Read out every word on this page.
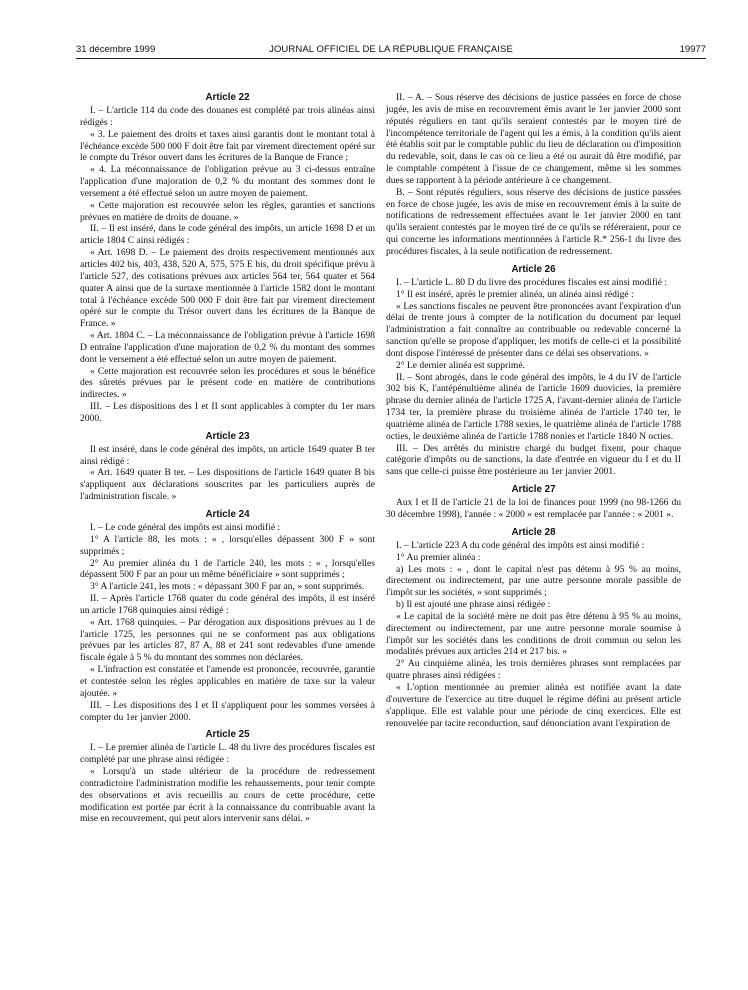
31 décembre 1999	JOURNAL OFFICIEL DE LA RÉPUBLIQUE FRANÇAISE	19977
Article 22

I. – L'article 114 du code des douanes est complété par trois alinéas ainsi rédigés :

« 3. Le paiement des droits et taxes ainsi garantis dont le montant total à l'échéance excède 500 000 F doit être fait par virement directement opéré sur le compte du Trésor ouvert dans les écritures de la Banque de France ;

« 4. La méconnaissance de l'obligation prévue au 3 ci-dessus entraîne l'application d'une majoration de 0,2 % du montant des sommes dont le versement a été effectué selon un autre moyen de paiement.

« Cette majoration est recouvrée selon les règles, garanties et sanctions prévues en matière de droits de douane. »

II. – Il est inséré, dans le code général des impôts, un article 1698 D et un article 1804 C ainsi rédigés :

« Art. 1698 D. – Le paiement des droits respectivement mentionnés aux articles 402 bis, 403, 438, 520 A, 575, 575 E bis, du droit spécifique prévu à l'article 527, des cotisations prévues aux articles 564 ter, 564 quater et 564 quater A ainsi que de la surtaxe mentionnée à l'article 1582 dont le montant total à l'échéance excède 500 000 F doit être fait par virement directement opéré sur le compte du Trésor ouvert dans les écritures de la Banque de France. »

« Art. 1804 C. – La méconnaissance de l'obligation prévue à l'article 1698 D entraîne l'application d'une majoration de 0,2 % du montant des sommes dont le versement a été effectué selon un autre moyen de paiement.

« Cette majoration est recouvrée selon les procédures et sous le bénéfice des sûretés prévues par le présent code en matière de contributions indirectes. »

III. – Les dispositions des I et II sont applicables à compter du 1er mars 2000.

Article 23

Il est inséré, dans le code général des impôts, un article 1649 quater B ter ainsi rédigé :

« Art. 1649 quater B ter. – Les dispositions de l'article 1649 quater B bis s'appliquent aux déclarations souscrites par les particuliers auprès de l'administration fiscale. »

Article 24

I. – Le code général des impôts est ainsi modifié :

1° A l'article 88, les mots : « , lorsqu'elles dépassent 300 F » sont supprimés ;

2° Au premier alinéa du 1 de l'article 240, les mots : « , lorsqu'elles dépassent 500 F par an pour un même bénéficiaire » sont supprimés ;

3° A l'article 241, les mots : « dépassant 300 F par an, » sont supprimés.

II. – Après l'article 1768 quater du code général des impôts, il est inséré un article 1768 quinquies ainsi rédigé :

« Art. 1768 quinquies. – Par dérogation aux dispositions prévues au 1 de l'article 1725, les personnes qui ne se conforment pas aux obligations prévues par les articles 87, 87 A, 88 et 241 sont redevables d'une amende fiscale égale à 5 % du montant des sommes non déclarées.

« L'infraction est constatée et l'amende est prononcée, recouvrée, garantie et contestée selon les règles applicables en matière de taxe sur la valeur ajoutée. »

III. – Les dispositions des I et II s'appliquent pour les sommes versées à compter du 1er janvier 2000.

Article 25

I. – Le premier alinéa de l'article L. 48 du livre des procédures fiscales est complété par une phrase ainsi rédigée :

« Lorsqu'à un stade ultérieur de la procédure de redressement contradictoire l'administration modifie les rehaussements, pour tenir compte des observations et avis recueillis au cours de cette procédure, cette modification est portée par écrit à la connaissance du contribuable avant la mise en recouvrement, qui peut alors intervenir sans délai. »

II. – A. – Sous réserve des décisions de justice passées en force de chose jugée, les avis de mise en recouvrement émis avant le 1er janvier 2000 sont réputés réguliers en tant qu'ils seraient contestés par le moyen tiré de l'incompétence territoriale de l'agent qui les a émis, à la condition qu'ils aient été établis soit par le comptable public du lieu de déclaration ou d'imposition du redevable, soit, dans le cas où ce lieu a été ou aurait dû être modifié, par le comptable compétent à l'issue de ce changement, même si les sommes dues se rapportent à la période antérieure à ce changement.

B. – Sont réputés réguliers, sous réserve des décisions de justice passées en force de chose jugée, les avis de mise en recouvrement émis à la suite de notifications de redressement effectuées avant le 1er janvier 2000 en tant qu'ils seraient contestés par le moyen tiré de ce qu'ils se référeraient, pour ce qui concerne les informations mentionnées à l'article R.* 256-1 du livre des procédures fiscales, à la seule notification de redressement.

Article 26

I. – L'article L. 80 D du livre des procédures fiscales est ainsi modifié :

1° Il est inséré, après le premier alinéa, un alinéa ainsi rédigé :

« Les sanctions fiscales ne peuvent être prononcées avant l'expiration d'un délai de trente jours à compter de la notification du document par lequel l'administration a fait connaître au contribuable ou redevable concerné la sanction qu'elle se propose d'appliquer, les motifs de celle-ci et la possibilité dont dispose l'intéressé de présenter dans ce délai ses observations. »

2° Le dernier alinéa est supprimé.

II. – Sont abrogés, dans le code général des impôts, le 4 du IV de l'article 302 bis K, l'antépénultième alinéa de l'article 1609 duovicies, la première phrase du dernier alinéa de l'article 1725 A, l'avant-dernier alinéa de l'article 1734 ter, la première phrase du troisième alinéa de l'article 1740 ter, le quatrième alinéa de l'article 1788 sexies, le quatrième alinéa de l'article 1788 octies, le deuxième alinéa de l'article 1788 nonies et l'article 1840 N octies.

III. – Des arrêtés du ministre chargé du budget fixent, pour chaque catégorie d'impôts ou de sanctions, la date d'entrée en vigueur du I et du II sans que celle-ci puisse être postérieure au 1er janvier 2001.

Article 27

Aux I et II de l'article 21 de la loi de finances pour 1999 (no 98-1266 du 30 décembre 1998), l'année : « 2000 » est remplacée par l'année : « 2001 ».

Article 28

I. – L'article 223 A du code général des impôts est ainsi modifié :

1° Au premier alinéa :

a) Les mots : « , dont le capital n'est pas détenu à 95 % au moins, directement ou indirectement, par une autre personne morale passible de l'impôt sur les sociétés, » sont supprimés ;

b) Il est ajouté une phrase ainsi rédigée :

« Le capital de la société mère ne doit pas être détenu à 95 % au moins, directement ou indirectement, par une autre personne morale soumise à l'impôt sur les sociétés dans les conditions de droit commun ou selon les modalités prévues aux articles 214 et 217 bis. »

2° Au cinquième alinéa, les trois dernières phrases sont remplacées par quatre phrases ainsi rédigées :

« L'option mentionnée au premier alinéa est notifiée avant la date d'ouverture de l'exercice au titre duquel le régime défini au présent article s'applique. Elle est valable pour une période de cinq exercices. Elle est renouvelée par tacite reconduction, sauf dénonciation avant l'expiration de
